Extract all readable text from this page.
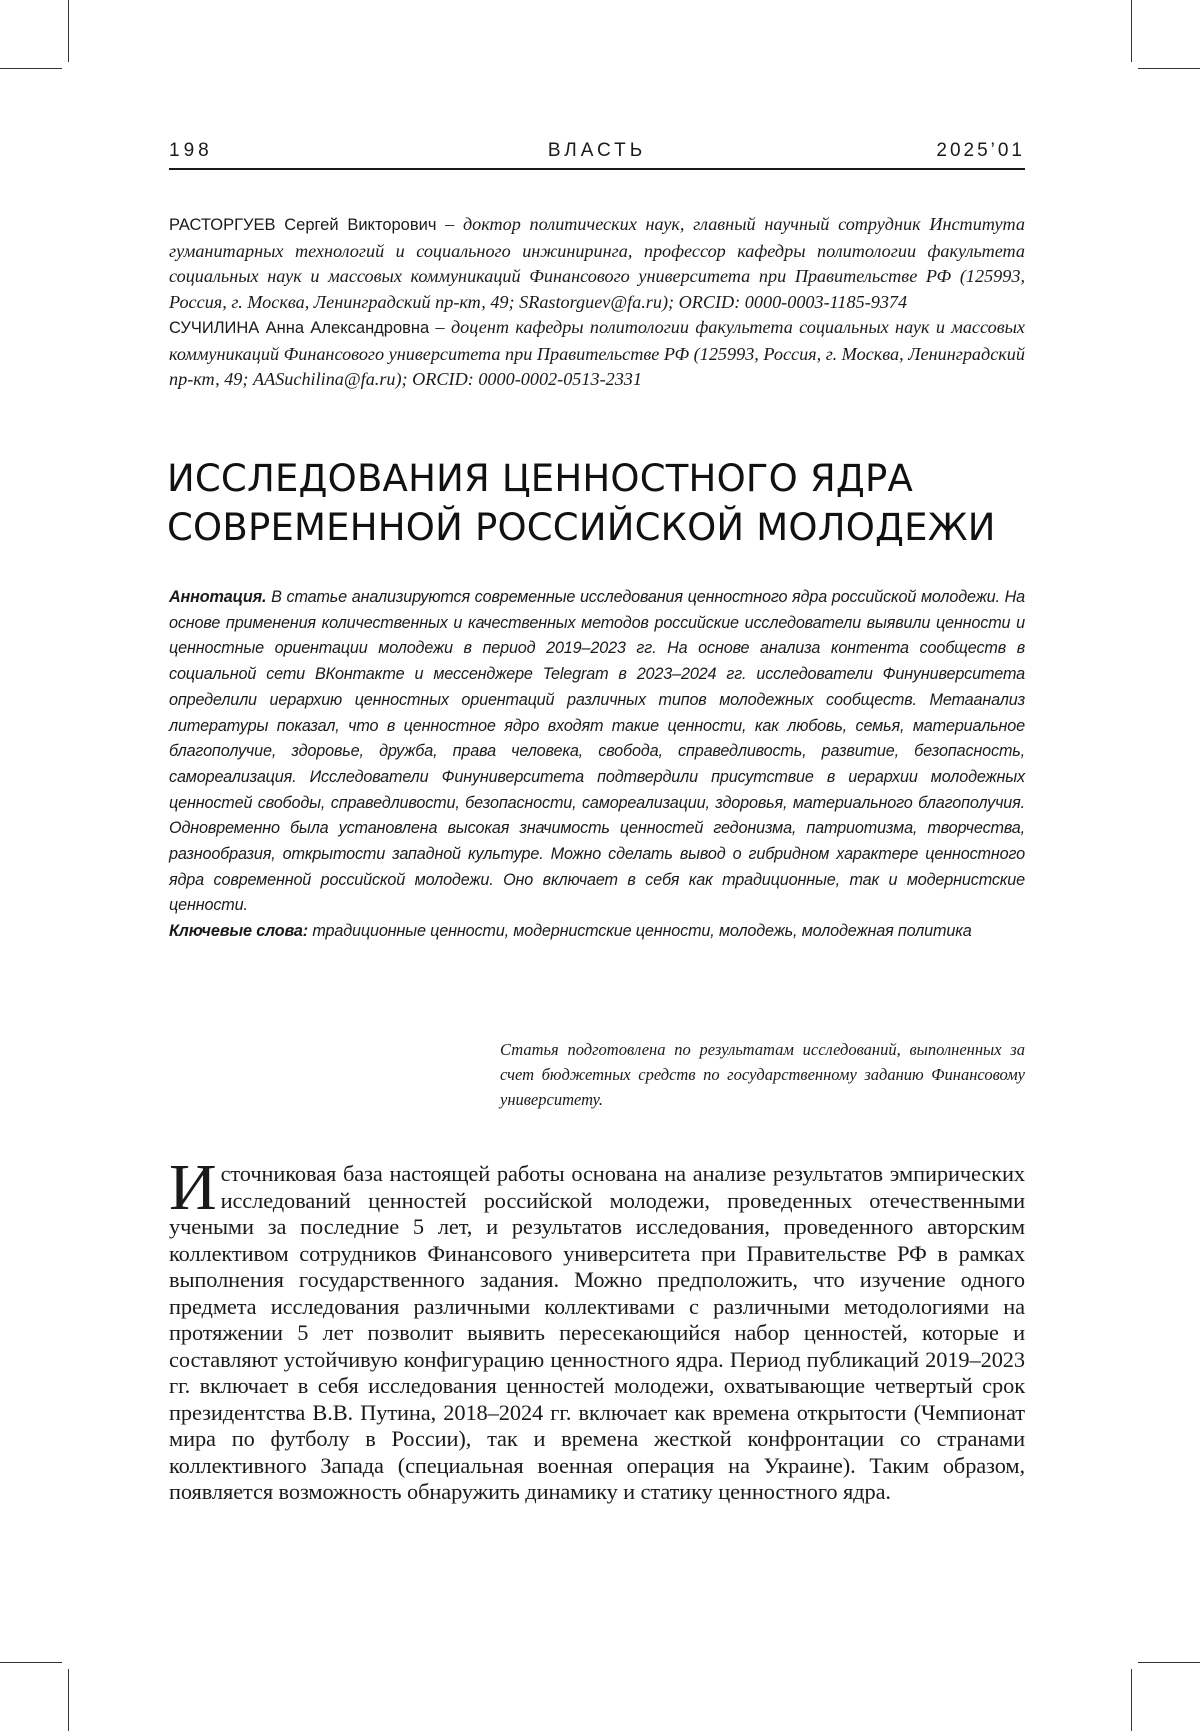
198	ВЛАСТЬ	2025’01

РАСТОРГУЕВ Сергей Викторович – доктор политических наук, главный научный сотрудник Института гуманитарных технологий и социального инжиниринга, профессор кафедры политологии факультета социальных наук и массовых коммуникаций Финансового университета при Правительстве РФ (125993, Россия, г. Москва, Ленинградский пр-кт, 49; SRastorguev@fa.ru); ORCID: 0000-0003-1185-9374

СУЧИЛИНА Анна Александровна – доцент кафедры политологии факультета социальных наук и массовых коммуникаций Финансового университета при Правительстве РФ (125993, Россия, г. Москва, Ленинградский пр-кт, 49; AASuchilina@fa.ru); ORCID: 0000-0002-0513-2331

ИССЛЕДОВАНИЯ ЦЕННОСТНОГО ЯДРА
СОВРЕМЕННОЙ РОССИЙСКОЙ МОЛОДЕЖИ

Аннотация. В статье анализируются современные исследования ценностного ядра российской молодежи. На основе применения количественных и качественных методов российские исследователи выявили ценности и ценностные ориентации молодежи в период 2019–2023 гг. На основе анализа контента сообществ в социальной сети ВКонтакте и мессенджере Telegram в 2023–2024 гг. исследователи Финуниверситета определили иерархию ценностных ориентаций различных типов молодежных сообществ. Метаанализ литературы показал, что в ценностное ядро входят такие ценности, как любовь, семья, материальное благополучие, здоровье, дружба, права человека, свобода, справедливость, развитие, безопасность, самореализация. Исследователи Финуниверситета подтвердили присутствие в иерархии молодежных ценностей свободы, справедливости, безопасности, самореализации, здоровья, материального благополучия. Одновременно была установлена высокая значимость ценностей гедонизма, патриотизма, творчества, разнообразия, открытости западной культуре. Можно сделать вывод о гибридном характере ценностного ядра современной российской молодежи. Оно включает в себя как традиционные, так и модернистские ценности.

Ключевые слова: традиционные ценности, модернистские ценности, молодежь, молодежная политика

Статья подготовлена по результатам исследований, выполненных за счет бюджетных средств по государственному заданию Финансовому университету.

И сточниковая база настоящей работы основана на анализе результатов эмпирических исследований ценностей российской молодежи, проведенных отечественными учеными за последние 5 лет, и результатов исследования, проведенного авторским коллективом сотрудников Финансового университета при Правительстве РФ в рамках выполнения государственного задания. Можно предположить, что изучение одного предмета исследования различными коллективами с различными методологиями на протяжении 5 лет позволит выявить пересекающийся набор ценностей, которые и составляют устойчивую конфигурацию ценностного ядра. Период публикаций 2019–2023 гг. включает в себя исследования ценностей молодежи, охватывающие четвертый срок президентства В.В. Путина, 2018–2024 гг. включает как времена открытости (Чемпионат мира по футболу в России), так и времена жесткой конфронтации со странами коллективного Запада (специальная военная операция на Украине). Таким образом, появляется возможность обнаружить динамику и статику ценностного ядра.
